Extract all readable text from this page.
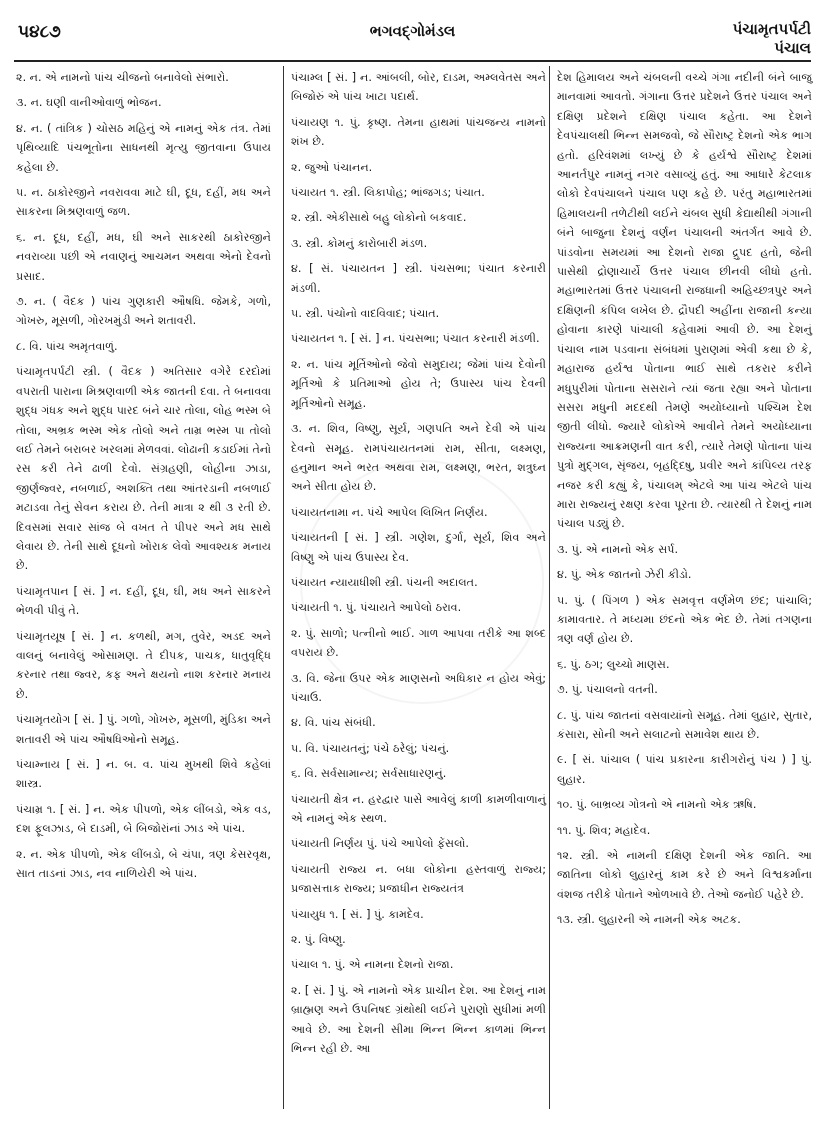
૫૪૮૭	ભગવદ્ગોમંડલ	પંચામૃતપર્પટી
પંચાલ
૨. ન. એ નામનો પાંચ ચીજનો બનાવેલો સંભારો.
૩. ન. ઘણી વાનીઓવાળું ભોજન.
૪. ન. ( તાંત્રિક ) ચોસઠ મહિનું એ નામનું એક તંત્ર. તેમાં પૃથિવ્યાદિ પંચભૂતોના સાધનથી મૃત્યુ જીતવાના ઉપાય કહેલા છે.
૫. ન. ઠાકોરજીને નવરાવવા માટે ઘી, દૂધ, દહીં, મધ અને સાકરના મિશ્રણવાળું જળ.
૬. ન. દૂધ, દહીં, મધ, ઘી અને સાકરથી ઠાકોરજીને નવરાવ્યા પછી એ નવાણનું આચમન અથવા એનો દેવનો પ્રસાદ.
૭. ન. ( વૈદક ) પાંચ ગુણકારી ઔષધિ. જેમકે, ગળો, ગોખરુ, મૂસળી, ગોરખમુંડી અને શતાવરી.
૮. વિ. પાંચ અમૃતવાળું.
પંચામૃતપર્પટી સ્ત્રી. ( વૈદક ) અતિસાર વગેરે દરદોમાં વપરાતી પારાના મિશ્રણવાળી એક જાતની દવા. તે બનાવવા શુદ્ધ ગંધક અને શુદ્ધ પારદ બંને ચાર તોલા, લોહ ભસ્મ બે તોલા, અભ્રક ભસ્મ એક તોલો અને તામ્ર ભસ્મ પા તોલો લઈ તેમને બરાબર ખરલમાં મેળવવાં. લોઢાની કડાઈમાં તેનો રસ કરી તેને ઢાળી દેવો. સંગ્રહણી, લોહીના ઝાડા, જીર્ણજ્વર, નબળાઈ, અશક્તિ તથા આંતરડાની નબળાઈ મટાડવા તેનું સેવન કરાય છે. તેની માત્રા ૨ થી ૩ રતી છે. દિવસમાં સવાર સાંજ બે વખત તે પીપર અને મધ સાથે લેવાય છે. તેની સાથે દૂધનો ખોરાક લેવો આવશ્યક મનાય છે.
પંચામૃતપાન [ સં. ] ન. દહીં, દૂધ, ઘી, મધ અને સાકરને ભેળવી પીવું તે.
પંચામૃતયૂષ [ સં. ] ન. કળથી, મગ, તુવેર, અડદ અને વાલનું બનાવેલું ઓસામણ. તે દીપક, પાચક, ધાતુવૃદ્ધિ કરનાર તથા જ્વર, કફ અને ક્ષયનો નાશ કરનાર મનાય છે.
પંચામૃતયોગ [ સં. ] પું. ગળો, ગોખરુ, મૂસળી, મુંડિકા અને શતાવરી એ પાંચ ઔષધિઓનો સમૂહ.
પંચામ્નાય [ સં. ] ન. બ. વ. પાંચ મુખથી શિવે કહેલાં શાસ્ત્ર.
પંચામ્ર ૧. [ સં. ] ન. એક પીપળો, એક લીંબડો, એક વડ, દશ ફૂલઝાડ, બે દાડમી, બે બિજોરાંનાં ઝાડ એ પાંચ.
૨. ન. એક પીપળો, એક લીંબડો, બે ચંપા, ત્રણ કેસરવૃક્ષ, સાત તાડનાં ઝાડ, નવ નાળિયેરી એ પાંચ.
પંચામ્લ [ સં. ] ન. આંબલી, બોર, દાડમ, અમ્લવેતસ અને બિજોરું એ પાંચ ખાટા પદાર્થ.
પંચાયણ ૧. પું. કૃષ્ણ. તેમના હાથમાં પાંચજન્ય નામનો શંખ છે.
૨. જુઓ પંચાનન.
પંચાયત ૧. સ્ત્રી. લિકાપોહ; ભાંજગડ; પંચાત.
૨. સ્ત્રી. એકીસાથે બહુ લોકોનો બકવાદ.
૩. સ્ત્રી. કોમનું કારોબારી મંડળ.
૪. [ સં. પંચાયતન ] સ્ત્રી. પંચસભા; પંચાત કરનારી મંડળી.
૫. સ્ત્રી. પંચોનો વાદવિવાદ; પંચાત.
પંચાયતન ૧. [ સં. ] ન. પંચસભા; પંચાત કરનારી મંડળી.
૨. ન. પાંચ મૂર્તિઓનો જેવો સમુદાય; જેમાં પાંચ દેવોની મૂર્તિઓ કે પ્રતિમાઓ હોય તે; ઉપાસ્ય પાંચ દેવની મૂર્તિઓનો સમૂહ.
૩. ન. શિવ, વિષ્ણુ, સૂર્ય, ગણપતિ અને દેવી એ પાંચ દેવનો સમૂહ. રામપંચાયતનમાં રામ, સીતા, લક્ષ્મણ, હનુમાન અને ભરત અથવા રામ, લક્ષ્મણ, ભરત, શત્રુઘ્ન અને સીતા હોય છે.
પંચાયતનામા ન. પંચે આપેલ લિખિત નિર્ણય.
પંચાયતની [ સં. ] સ્ત્રી. ગણેશ, દુર્ગા, સૂર્ય, શિવ અને વિષ્ણુ એ પાંચ ઉપાસ્ય દેવ.
પંચાયત ન્યાયાધીશી સ્ત્રી. પંચની અદાલત.
પંચાયતી ૧. પું. પંચાયતે આપેલો ઠરાવ.
૨. પું. સાળો; પત્નીનો ભાઈ. ગાળ આપવા તરીકે આ શબ્દ વપરાય છે.
૩. વિ. જેના ઉપર એક માણસનો અધિકાર ન હોય એવું; પંચાઉ.
૪. વિ. પાંચ સંબંધી.
૫. વિ. પંચાયતનું; પંચે ઠરેલું; પંચનું.
૬. વિ. સર્વસામાન્ય; સર્વસાધારણનું.
પંચાયતી ક્ષેત્ર ન. હરદ્વાર પાસે આવેલું કાળી કામળીવાળાનું એ નામનું એક સ્થળ.
પંચાયતી નિર્ણય પું. પંચે આપેલો ફેંસલો.
પંચાયતી રાજ્ય ન. બધા લોકોના હસ્તવાળું રાજ્ય; પ્રજાસત્તાક રાજ્ય; પ્રજાધીન રાજ્યતંત્ર
પંચાયુધ ૧. [ સં. ] પું. કામદેવ.
૨. પું. વિષ્ણુ.
પંચાલ ૧. પું. એ નામના દેશનો રાજા.
૨. [ સં. ] પું. એ નામનો એક પ્રાચીન દેશ. આ દેશનું નામ બ્રાહ્મણ અને ઉપનિષદ ગ્રંથોથી લઈને પુરાણો સુધીમાં મળી આવે છે. આ દેશની સીમા ભિન્ન ભિન્ન કાળમાં ભિન્ન ભિન્ન રહી છે. આ
દેશ હિમાલય અને ચંબલની વચ્ચે ગંગા નદીની બંને બાજુ માનવામાં આવતો. ગંગાના ઉત્તર પ્રદેશને ઉત્તર પંચાલ અને દક્ષિણ પ્રદેશને દક્ષિણ પંચાલ કહેતા. આ દેશને દેવપંચાલથી ભિન્ન સમજવો, જે સૌરાષ્ટ્ર દેશનો એક ભાગ હતો. હરિવંશમાં લખ્યું છે કે હર્યશ્વે સૌરાષ્ટ્ર દેશમાં આનર્તપુર નામનું નગર વસાવ્યું હતું. આ આધારે કેટલાક લોકો દેવપંચાલને પંચાલ પણ કહે છે. પરંતુ મહાભારતમાં હિમાલયની તળેટીથી લઈને ચંબલ સુધી કેદ્યાથીથી ગંગાની બંને બાજુના દેશનું વર્ણન પંચાલની અંતર્ગત આવે છે. પાંડવોના સમયમાં આ દેશનો રાજા દ્રુપદ હતો, જેની પાસેથી દ્રોણાચાર્યે ઉત્તર પંચાલ છીનવી લીધો હતો. મહાભારતમાં ઉત્તર પંચાલની રાજધાની અહિચ્છત્રપુર અને દક્ષિણની કંપિલ લખેલ છે. દ્રૌપદી અહીંના રાજાની કન્યા હોવાના કારણે પાંચાલી કહેવામાં આવી છે. આ દેશનું પંચાલ નામ પડવાના સંબંધમાં પુરાણમાં એવી કથા છે કે, મહારાજ હર્યશ્વ પોતાના ભાઈ સાથે તકરાર કરીને મધુપુરીમાં પોતાના સસરાને ત્યાં જતા રહ્યા અને પોતાના સસરા મધુની મદદથી તેમણે અયોધ્યાનો પશ્ચિમ દેશ જીતી લીધો. જ્યારે લોકોએ આવીને તેમને અયોધ્યાના રાજ્યના આક્રમણની વાત કરી, ત્યારે તેમણે પોતાના પાંચ પુત્રો મુદ્ગલ, સૃંજય, બૃહદ્દિષુ, પ્રવીર અને કાંપિલ્ય તરફ નજર કરી કહ્યું કે, પંચાલમ્ એટલે આ પાંચ એટલે પાંચ મારા રાજ્યનું રક્ષણ કરવા પૂરતા છે. ત્યારથી તે દેશનું નામ પંચાલ પડ્યું છે.
૩. પું. એ નામનો એક સર્પ.
૪. પું. એક જાતનો ઝેરી કીડો.
૫. પું. ( પિંગળ ) એક સમવૃત્ત વર્ણમેળ છંદ; પાંચાલિ; કામાવતાર. તે મધ્યમા છંદનો એક ભેદ છે. તેમાં તગણના ત્રણ વર્ણ હોય છે.
૬. પું. ઠગ; લુચ્ચો માણસ.
૭. પું. પંચાલનો વતની.
૮. પું. પાંચ જાતનાં વસવાયાંનો સમૂહ. તેમાં લુહાર, સુતાર, કંસારા, સોની અને સલાટનો સમાવેશ થાય છે.
૯. [ સં. પાંચાલ ( પાંચ પ્રકારના કારીગરોનું પંચ ) ] પું. લુહાર.
૧૦. પું. બાભ્રવ્ય ગોત્રનો એ નામનો એક ઋષિ.
૧૧. પું. શિવ; મહાદેવ.
૧૨. સ્ત્રી. એ નામની દક્ષિણ દેશની એક જાતિ. આ જાતિના લોકો લુહારનું કામ કરે છે અને વિશ્વકર્માના વંશજ તરીકે પોતાને ઓળખાવે છે. તેઓ જનોઈ પહેરે છે.
૧૩. સ્ત્રી. લુહારની એ નામની એક અટક.
